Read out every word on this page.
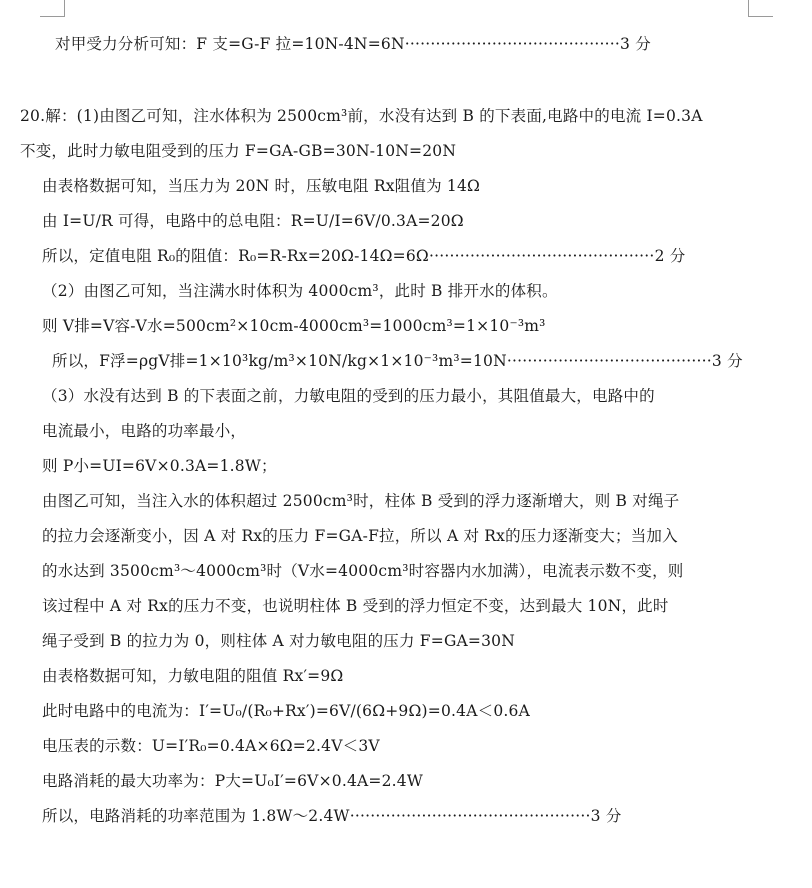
对甲受力分析可知：F 支=G-F 拉=10N-4N=6N··········································3 分
20.解：(1)由图乙可知，注水体积为 2500cm³前，水没有达到 B 的下表面,电路中的电流 I=0.3A
不变，此时力敏电阻受到的压力 F=GA-GB=30N-10N=20N
由表格数据可知，当压力为 20N 时，压敏电阻 Rx阻值为 14Ω
由 I=U/R 可得，电路中的总电阻：R=U/I=6V/0.3A=20Ω
所以，定值电阻 R₀的阻值：R₀=R-Rx=20Ω-14Ω=6Ω············································2 分
（2）由图乙可知，当注满水时体积为 4000cm³，此时 B 排开水的体积。
则 V排=V容-V水=500cm²×10cm-4000cm³=1000cm³=1×10⁻³m³
所以，F浮=ρgV排=1×10³kg/m³×10N/kg×1×10⁻³m³=10N········································3 分
（3）水没有达到 B 的下表面之前，力敏电阻的受到的压力最小，其阻值最大，电路中的
电流最小，电路的功率最小，
则 P小=UI=6V×0.3A=1.8W；
由图乙可知，当注入水的体积超过 2500cm³时，柱体 B 受到的浮力逐渐增大，则 B 对绳子
的拉力会逐渐变小，因 A 对 Rx的压力 F=GA-F拉，所以 A 对 Rx的压力逐渐变大；当加入
的水达到 3500cm³～4000cm³时（V水=4000cm³时容器内水加满），电流表示数不变，则
该过程中 A 对 Rx的压力不变，也说明柱体 B 受到的浮力恒定不变，达到最大 10N，此时
绳子受到 B 的拉力为 0，则柱体 A 对力敏电阻的压力 F=GA=30N
由表格数据可知，力敏电阻的阻值 Rx′=9Ω
此时电路中的电流为：I′=U₀/(R₀+Rx′)=6V/(6Ω+9Ω)=0.4A＜0.6A
电压表的示数：U=I′R₀=0.4A×6Ω=2.4V＜3V
电路消耗的最大功率为：P大=U₀I′=6V×0.4A=2.4W
所以，电路消耗的功率范围为 1.8W～2.4W···············································3 分
